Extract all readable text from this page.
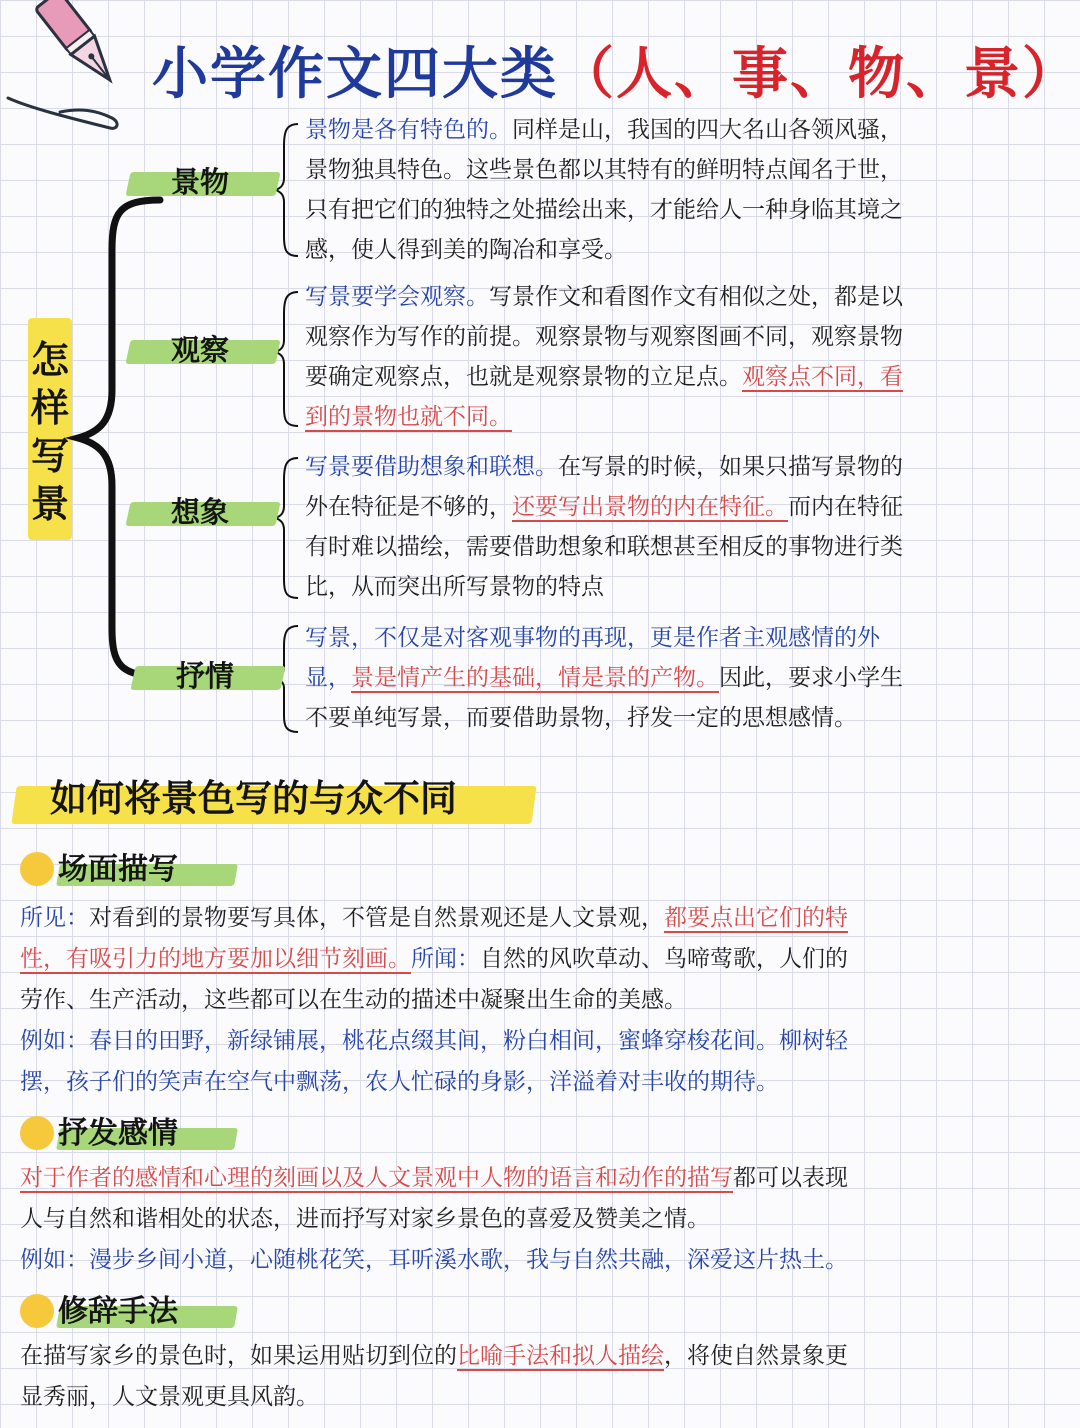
小学作文四大类（人、事、物、景）
怎样写景
景物
观察
想象
抒情
景物是各有特色的。同样是山，我国的四大名山各领风骚，
景物独具特色。这些景色都以其特有的鲜明特点闻名于世，
只有把它们的独特之处描绘出来，才能给人一种身临其境之
感，使人得到美的陶冶和享受。
写景要学会观察。写景作文和看图作文有相似之处，都是以
观察作为写作的前提。观察景物与观察图画不同，观察景物
要确定观察点，也就是观察景物的立足点。观察点不同，看
到的景物也就不同。
写景要借助想象和联想。在写景的时候，如果只描写景物的
外在特征是不够的，还要写出景物的内在特征。而内在特征
有时难以描绘，需要借助想象和联想甚至相反的事物进行类
比，从而突出所写景物的特点
写景，不仅是对客观事物的再现，更是作者主观感情的外
显，景是情产生的基础，情是景的产物。因此，要求小学生
不要单纯写景，而要借助景物，抒发一定的思想感情。
如何将景色写的与众不同
场面描写
抒发感情
修辞手法
所见：对看到的景物要写具体，不管是自然景观还是人文景观，都要点出它们的特
性，有吸引力的地方要加以细节刻画。所闻：自然的风吹草动、鸟啼莺歌，人们的
劳作、生产活动，这些都可以在生动的描述中凝聚出生命的美感。
例如：春日的田野，新绿铺展，桃花点缀其间，粉白相间，蜜蜂穿梭花间。柳树轻
摆，孩子们的笑声在空气中飘荡，农人忙碌的身影，洋溢着对丰收的期待。
对于作者的感情和心理的刻画以及人文景观中人物的语言和动作的描写都可以表现
人与自然和谐相处的状态，进而抒写对家乡景色的喜爱及赞美之情。
例如：漫步乡间小道，心随桃花笑，耳听溪水歌，我与自然共融，深爱这片热土。
在描写家乡的景色时，如果运用贴切到位的比喻手法和拟人描绘，将使自然景象更
显秀丽，人文景观更具风韵。
